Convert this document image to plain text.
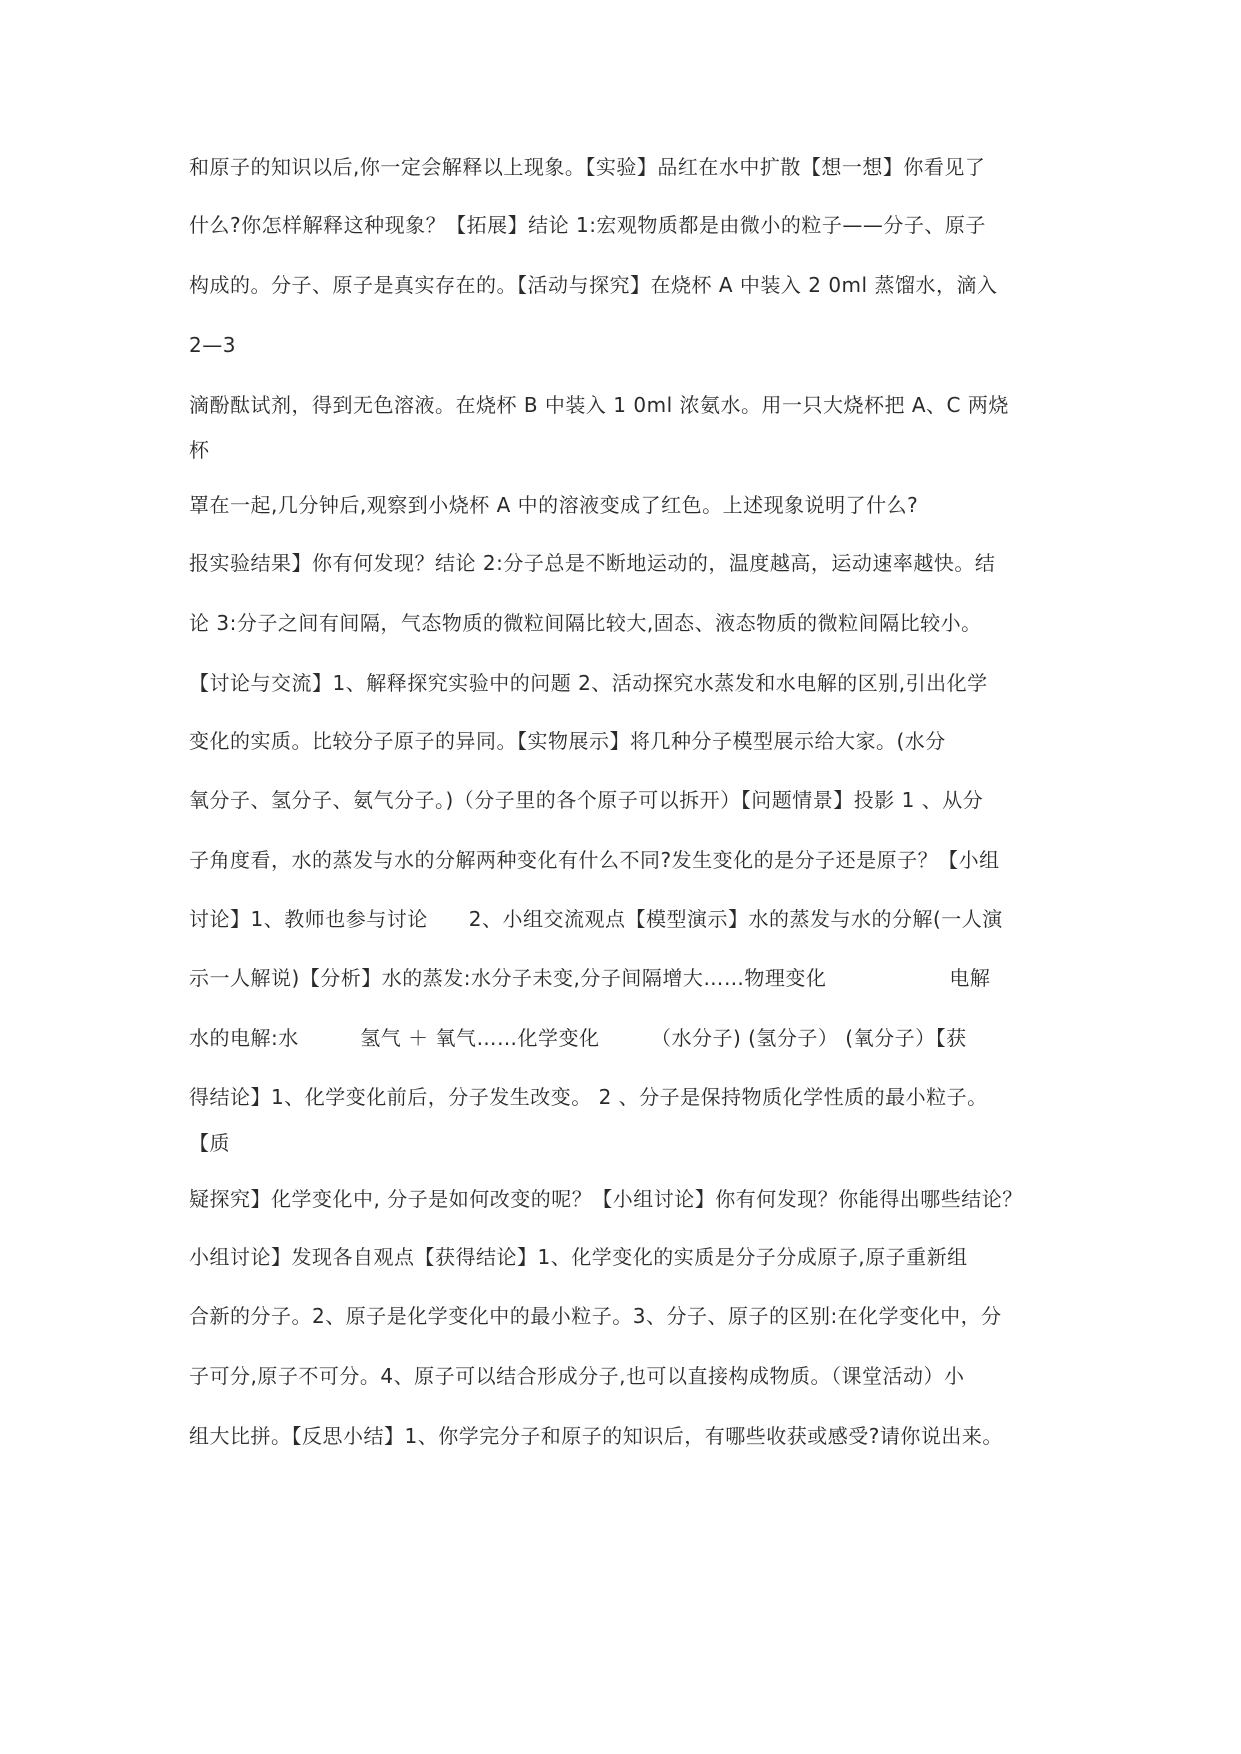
和原子的知识以后,你一定会解释以上现象。【实验】品红在水中扩散【想一想】你看见了
什么?你怎样解释这种现象？【拓展】结论 1:宏观物质都是由微小的粒子——分子、原子
构成的。分子、原子是真实存在的。【活动与探究】在烧杯 A 中装入 2 0ml 蒸馏水，滴入
2—3
滴酚酞试剂，得到无色溶液。在烧杯 B 中装入 1 0ml 浓氨水。用一只大烧杯把 A、C 两烧
杯
罩在一起,几分钟后,观察到小烧杯 A 中的溶液变成了红色。上述现象说明了什么?
报实验结果】你有何发现？结论 2:分子总是不断地运动的，温度越高，运动速率越快。结
论 3:分子之间有间隔，气态物质的微粒间隔比较大,固态、液态物质的微粒间隔比较小。
【讨论与交流】1、解释探究实验中的问题 2、活动探究水蒸发和水电解的区别,引出化学
变化的实质。比较分子原子的异同。【实物展示】将几种分子模型展示给大家。(水分
氧分子、氢分子、氨气分子。)（分子里的各个原子可以拆开）【问题情景】投影 1 、从分
子角度看，水的蒸发与水的分解两种变化有什么不同?发生变化的是分子还是原子？【小组
讨论】1、教师也参与讨论　　2、小组交流观点【模型演示】水的蒸发与水的分解(一人演
示一人解说)【分析】水的蒸发:水分子未变,分子间隔增大……物理变化　　　　　　电解
水的电解:水　　　氢气 ＋ 氧气……化学变化　　　（水分子) (氢分子） (氧分子）【获
得结论】1、化学变化前后，分子发生改变。 2 、分子是保持物质化学性质的最小粒子。
【质
疑探究】化学变化中, 分子是如何改变的呢？【小组讨论】你有何发现？你能得出哪些结论？
小组讨论】发现各自观点【获得结论】1、化学变化的实质是分子分成原子,原子重新组
合新的分子。2、原子是化学变化中的最小粒子。3、分子、原子的区别:在化学变化中，分
子可分,原子不可分。4、原子可以结合形成分子,也可以直接构成物质。（课堂活动）小
组大比拼。【反思小结】1、你学完分子和原子的知识后，有哪些收获或感受?请你说出来。
